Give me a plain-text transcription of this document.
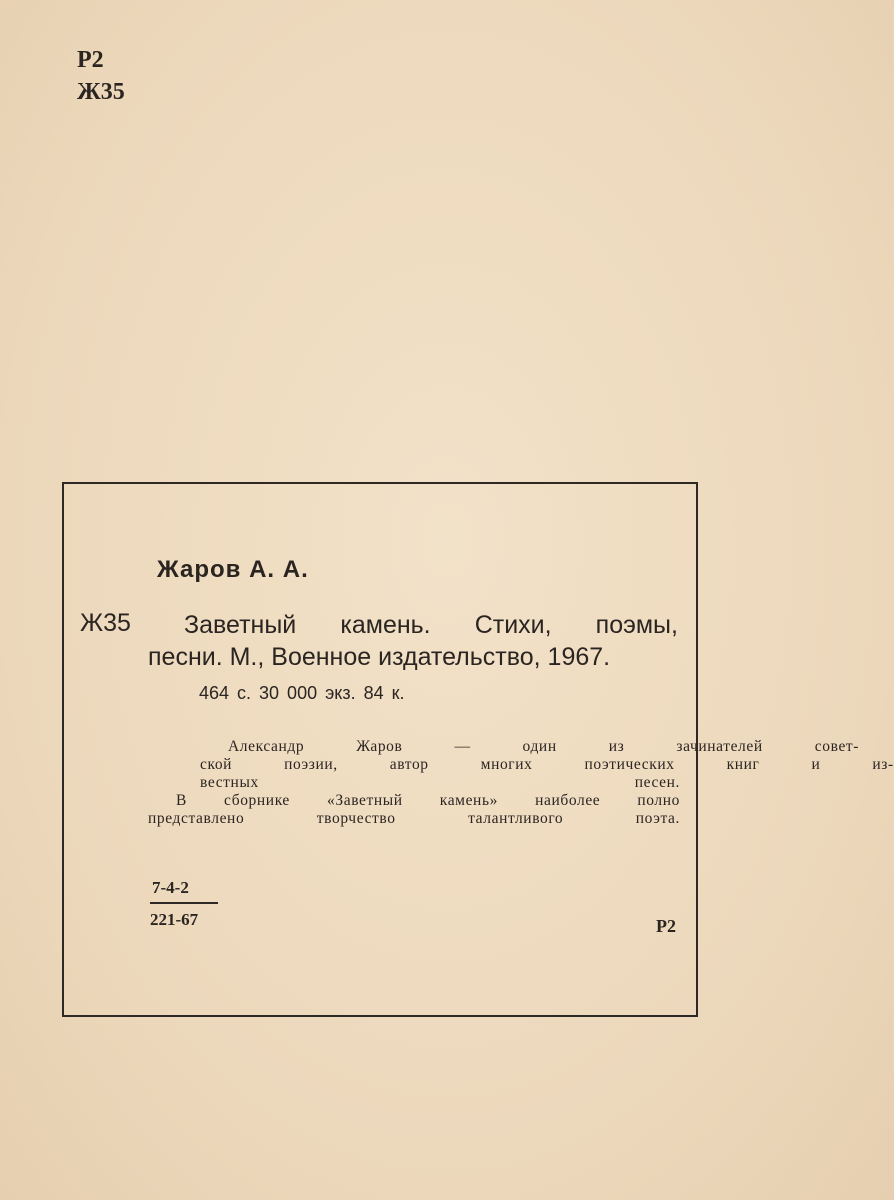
Р2
Ж35
Жаров А. А.
Ж35 Заветный камень. Стихи, поэмы,
песни. М., Военное издательство, 1967.
464 с. 30 000 экз. 84 к.
Александр	Жаров	—	один	из	зачинателей	совет-
ской	поэзии,	автор	многих	поэтических	книг	и	из-
вестных песен.
В сборнике «Заветный камень» наиболее полно
представлено творчество талантливого поэта.
$\frac{7-4-2}{221-67}$	Р2
